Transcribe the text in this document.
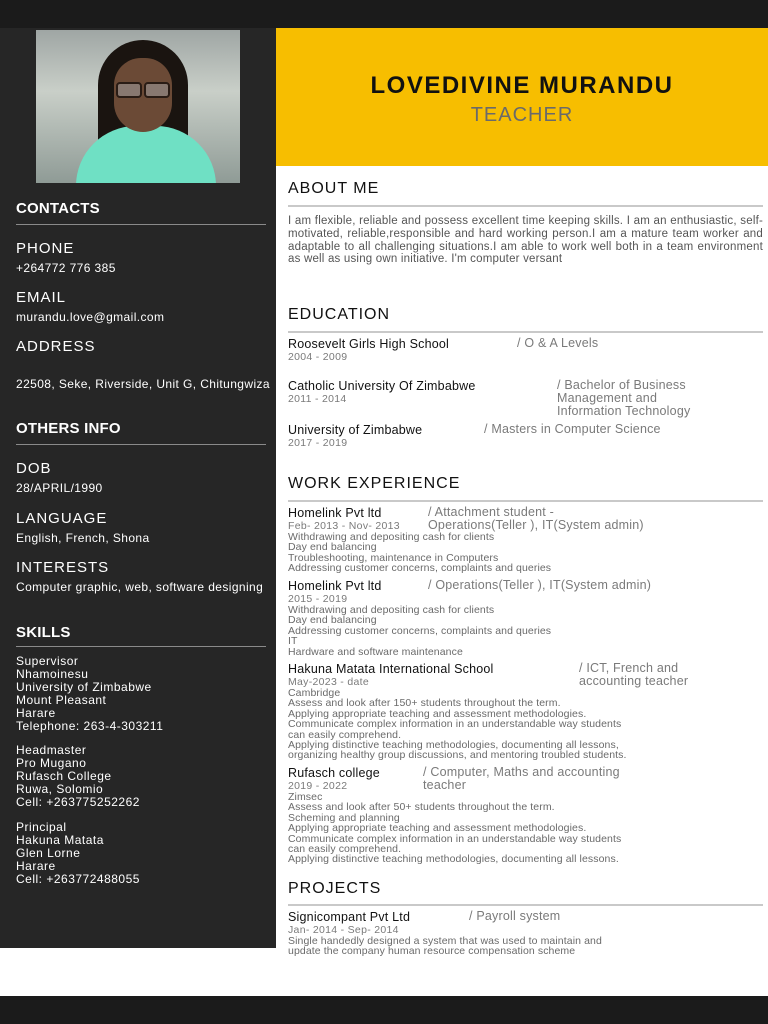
CONTACTS
PHONE
+264772 776 385
EMAIL
murandu.love@gmail.com
ADDRESS
22508, Seke, Riverside, Unit G, Chitungwiza
OTHERS INFO
DOB
28/APRIL/1990
LANGUAGE
English, French, Shona
INTERESTS
Computer graphic, web, software designing
SKILLS
Supervisor
Nhamoinesu
University of Zimbabwe
Mount Pleasant
Harare
Telephone: 263-4-303211
Headmaster
Pro Mugano
Rufasch College
Ruwa, Solomio
Cell: +263775252262
Principal
Hakuna Matata
Glen Lorne
Harare
Cell: +263772488055
LOVEDIVINE MURANDU
TEACHER
ABOUT ME
I am flexible, reliable and possess excellent time keeping skills. I am an enthusiastic, self-motivated, reliable,responsible and hard working person.I am a mature team worker and adaptable to all challenging situations.I am able to work well both in a team environment as well as using own initiative. I'm computer versant
EDUCATION
Roosevelt Girls High School	/ O & A Levels
2004 - 2009
Catholic University Of Zimbabwe	/ Bachelor of Business
Management and
Information Technology
2011 - 2014
University of Zimbabwe	/ Masters in Computer Science
2017 - 2019
WORK EXPERIENCE
Homelink Pvt ltd	/ Attachment student -
Operations(Teller ), IT(System admin)
Feb- 2013 - Nov- 2013
Withdrawing and depositing cash for clients
Day end balancing
Troubleshooting, maintenance in Computers
Addressing customer concerns, complaints and queries
Homelink Pvt ltd	/ Operations(Teller ), IT(System admin)
2015 - 2019
Withdrawing and depositing cash for clients
Day end balancing
Addressing customer concerns, complaints and queries
IT
Hardware and software maintenance
Hakuna Matata International School	/ ICT, French and
accounting teacher
May-2023 - date
Cambridge
Assess and look after 150+ students throughout the term.
Applying appropriate teaching and assessment methodologies.
Communicate complex information in an understandable way students
can easily comprehend.
Applying distinctive teaching methodologies, documenting all lessons,
organizing healthy group discussions, and mentoring troubled students.
Rufasch college	/ Computer, Maths and accounting
teacher
2019 - 2022
Zimsec
Assess and look after 50+ students throughout the term.
Scheming and planning
Applying appropriate teaching and assessment methodologies.
Communicate complex information in an understandable way students
can easily comprehend.
Applying distinctive teaching methodologies, documenting all lessons.
PROJECTS
Signicompant Pvt Ltd	/ Payroll system
Jan- 2014 - Sep- 2014
Single handedly designed a system that was used to maintain and
update the company human resource compensation scheme
